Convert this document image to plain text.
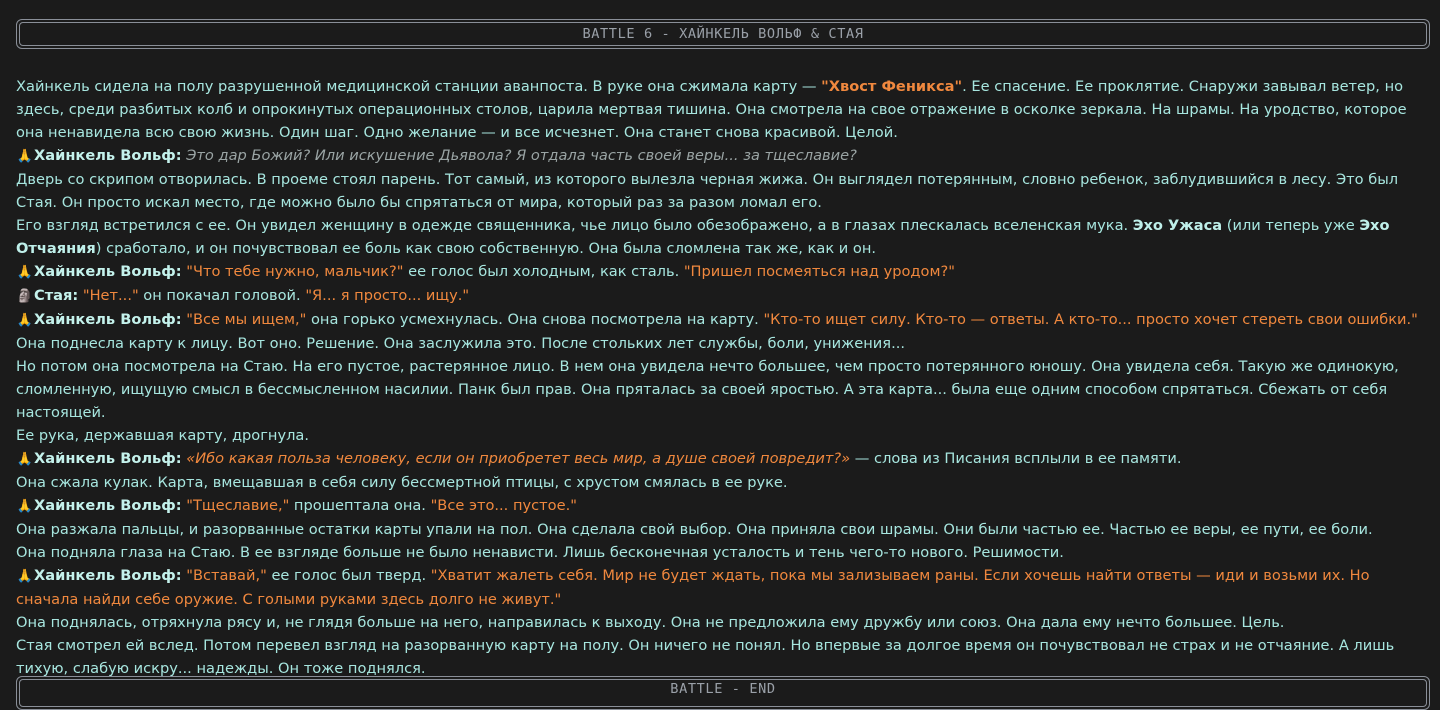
BATTLE 6 - ХАЙНКЕЛЬ ВОЛЬФ & СТАЯ

Хайнкель сидела на полу разрушенной медицинской станции аванпоста. В руке она сжимала карту — "Хвост Феникса". Ее спасение. Ее проклятие. Снаружи завывал ветер, но здесь, среди разбитых колб и опрокинутых операционных столов, царила мертвая тишина. Она смотрела на свое отражение в осколке зеркала. На шрамы. На уродство, которое она ненавидела всю свою жизнь. Один шаг. Одно желание — и все исчезнет. Она станет снова красивой. Целой.

🙏Хайнкель Вольф: Это дар Божий? Или искушение Дьявола? Я отдала часть своей веры... за тщеславие?

Дверь со скрипом отворилась. В проеме стоял парень. Тот самый, из которого вылезла черная жижа. Он выглядел потерянным, словно ребенок, заблудившийся в лесу. Это был Стая. Он просто искал место, где можно было бы спрятаться от мира, который раз за разом ломал его.

Его взгляд встретился с ее. Он увидел женщину в одежде священника, чье лицо было обезображено, а в глазах плескалась вселенская мука. Эхо Ужаса (или теперь уже Эхо Отчаяния) сработало, и он почувствовал ее боль как свою собственную. Она была сломлена так же, как и он.

🙏Хайнкель Вольф: "Что тебе нужно, мальчик?" ее голос был холодным, как сталь. "Пришел посмеяться над уродом?"

🗿Стая: "Нет..." он покачал головой. "Я... я просто... ищу."

🙏Хайнкель Вольф: "Все мы ищем," она горько усмехнулась. Она снова посмотрела на карту. "Кто-то ищет силу. Кто-то — ответы. А кто-то... просто хочет стереть свои ошибки."

Она поднесла карту к лицу. Вот оно. Решение. Она заслужила это. После стольких лет службы, боли, унижения...

Но потом она посмотрела на Стаю. На его пустое, растерянное лицо. В нем она увидела нечто большее, чем просто потерянного юношу. Она увидела себя. Такую же одинокую, сломленную, ищущую смысл в бессмысленном насилии. Панк был прав. Она пряталась за своей яростью. А эта карта... была еще одним способом спрятаться. Сбежать от себя настоящей.

Ее рука, державшая карту, дрогнула.

🙏Хайнкель Вольф: «Ибо какая польза человеку, если он приобретет весь мир, а душе своей повредит?» — слова из Писания всплыли в ее памяти.

Она сжала кулак. Карта, вмещавшая в себя силу бессмертной птицы, с хрустом смялась в ее руке.

🙏Хайнкель Вольф: "Тщеславие," прошептала она. "Все это... пустое."

Она разжала пальцы, и разорванные остатки карты упали на пол. Она сделала свой выбор. Она приняла свои шрамы. Они были частью ее. Частью ее веры, ее пути, ее боли.

Она подняла глаза на Стаю. В ее взгляде больше не было ненависти. Лишь бесконечная усталость и тень чего-то нового. Решимости.

🙏Хайнкель Вольф: "Вставай," ее голос был тверд. "Хватит жалеть себя. Мир не будет ждать, пока мы зализываем раны. Если хочешь найти ответы — иди и возьми их. Но сначала найди себе оружие. С голыми руками здесь долго не живут."

Она поднялась, отряхнула рясу и, не глядя больше на него, направилась к выходу. Она не предложила ему дружбу или союз. Она дала ему нечто большее. Цель.

Стая смотрел ей вслед. Потом перевел взгляд на разорванную карту на полу. Он ничего не понял. Но впервые за долгое время он почувствовал не страх и не отчаяние. А лишь тихую, слабую искру... надежды. Он тоже поднялся.

BATTLE - END
